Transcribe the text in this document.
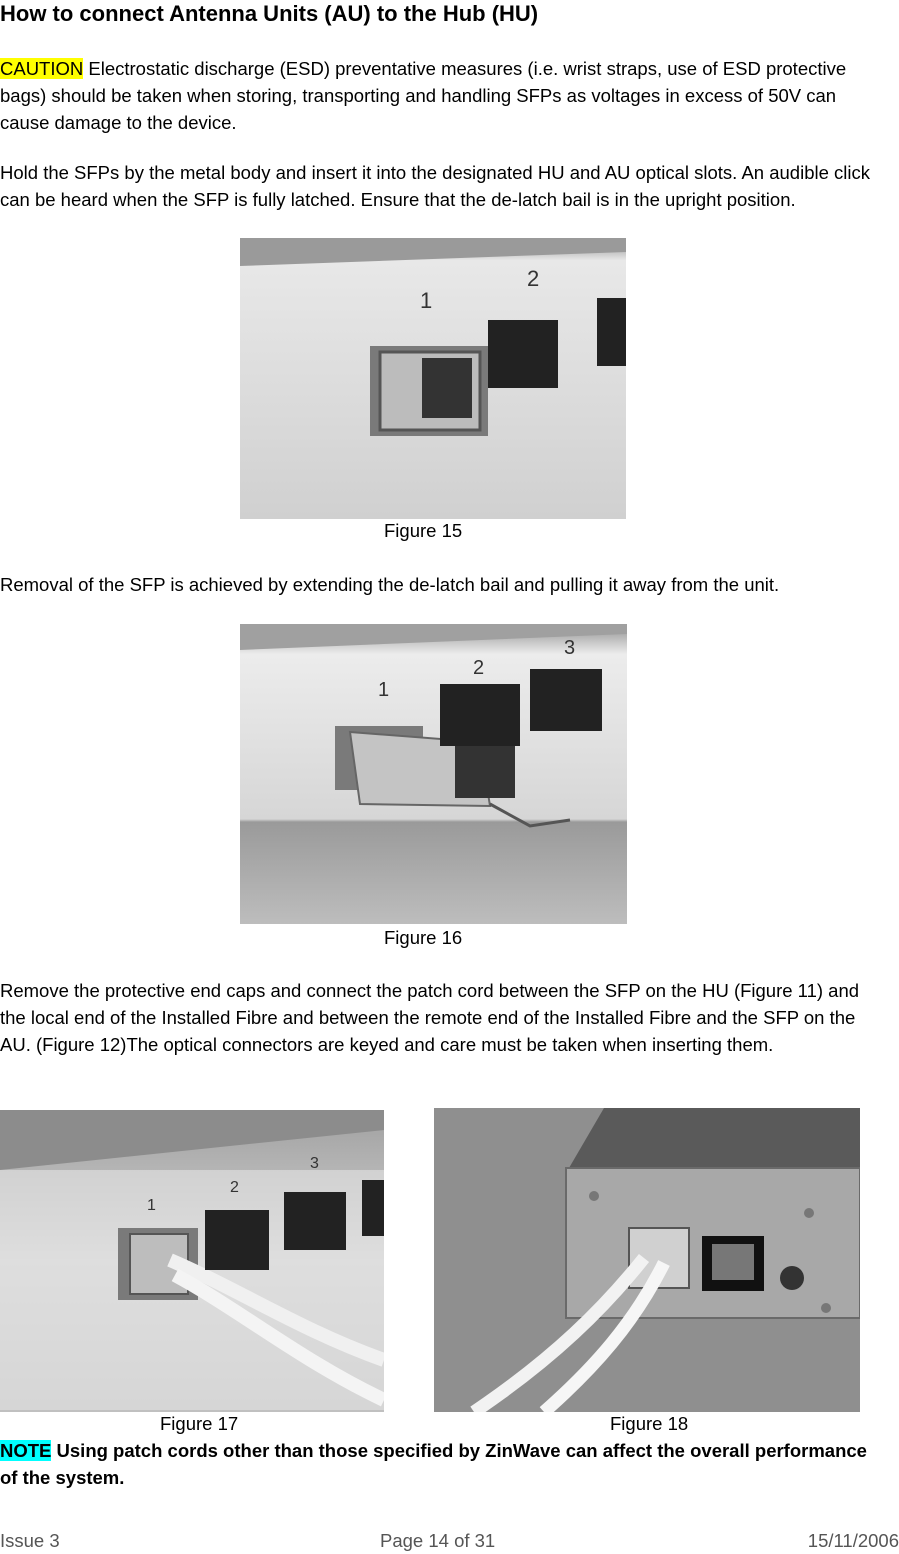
How to connect Antenna Units (AU) to the Hub (HU)

CAUTION Electrostatic discharge (ESD) preventative measures (i.e. wrist straps, use of ESD protective bags) should be taken when storing, transporting and handling SFPs as voltages in excess of 50V can cause damage to the device.

Hold the SFPs by the metal body and insert it into the designated HU and AU optical slots. An audible click can be heard when the SFP is fully latched. Ensure that the de-latch bail is in the upright position.

1
2
Figure 15

Removal of the SFP is achieved by extending the de-latch bail and pulling it away from the unit.

1
2
3
Figure 16

Remove the protective end caps and connect the patch cord between the SFP on the HU (Figure 11) and the local end of the Installed Fibre and between the remote end of the Installed Fibre and the SFP on the AU. (Figure 12)The optical connectors are keyed and care must be taken when inserting them.

1
2
3
Figure 17	Figure 18

NOTE Using patch cords other than those specified by ZinWave can affect the overall performance of the system.

Issue 3	Page 14 of 31	15/11/2006
